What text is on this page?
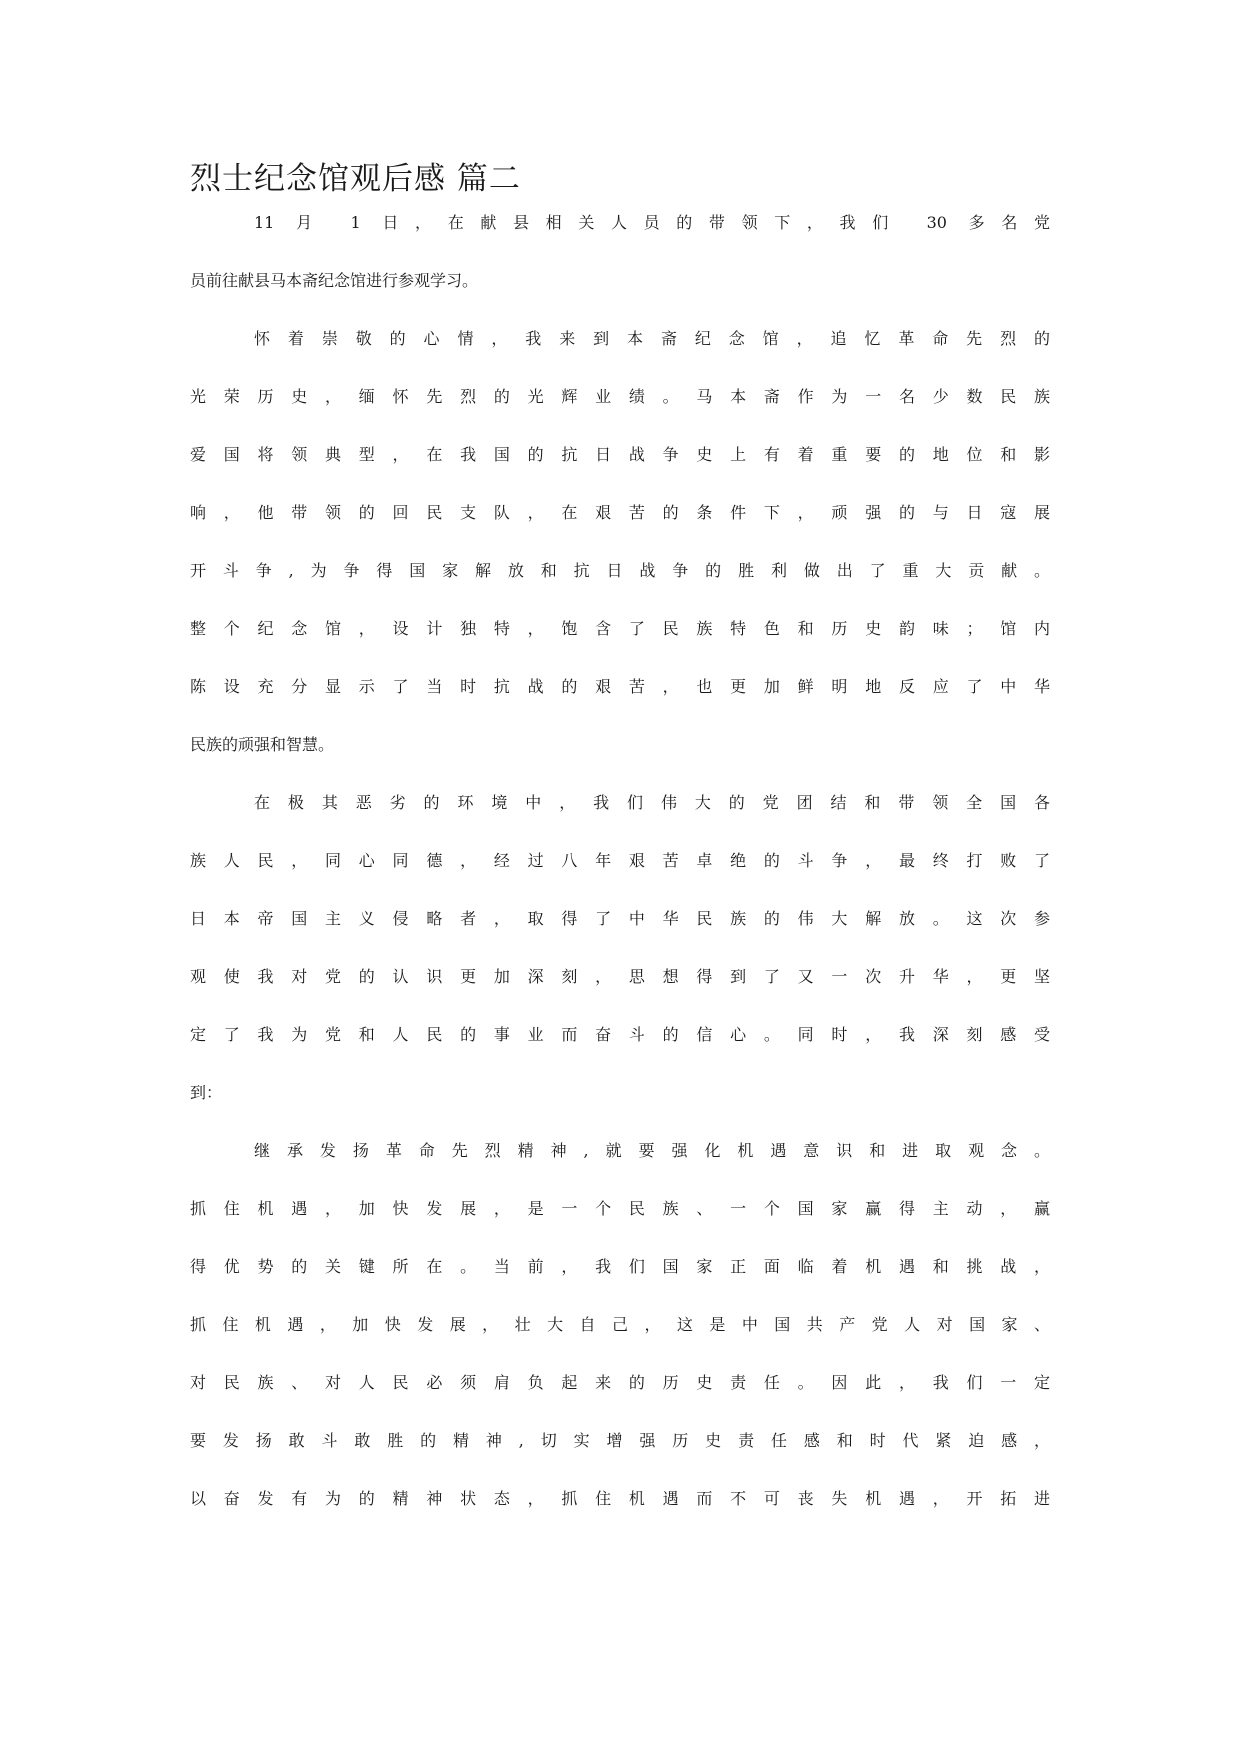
烈士纪念馆观后感 篇二
11 月 1 日，在献县相关人员的带领下，我们 30 多名党
员前往献县马本斋纪念馆进行参观学习。
怀着崇敬的心情，我来到本斋纪念馆，追忆革命先烈的
光荣历史，缅怀先烈的光辉业绩。马本斋作为一名少数民族
爱国将领典型，在我国的抗日战争史上有着重要的地位和影
响，他带领的回民支队，在艰苦的条件下，顽强的与日寇展
开斗争,为争得国家解放和抗日战争的胜利做出了重大贡献。
整个纪念馆，设计独特，饱含了民族特色和历史韵味；馆内
陈设充分显示了当时抗战的艰苦，也更加鲜明地反应了中华
民族的顽强和智慧。
在极其恶劣的环境中，我们伟大的党团结和带领全国各
族人民，同心同德，经过八年艰苦卓绝的斗争，最终打败了
日本帝国主义侵略者，取得了中华民族的伟大解放。这次参
观使我对党的认识更加深刻，思想得到了又一次升华，更坚
定了我为党和人民的事业而奋斗的信心。同时，我深刻感受
到：
继承发扬革命先烈精神,就要强化机遇意识和进取观念。
抓住机遇，加快发展，是一个民族、一个国家赢得主动，赢
得优势的关键所在。当前，我们国家正面临着机遇和挑战，
抓住机遇，加快发展，壮大自己，这是中国共产党人对国家、
对民族、对人民必须肩负起来的历史责任。因此，我们一定
要发扬敢斗敢胜的精神,切实增强历史责任感和时代紧迫感，
以奋发有为的精神状态，抓住机遇而不可丧失机遇，开拓进
